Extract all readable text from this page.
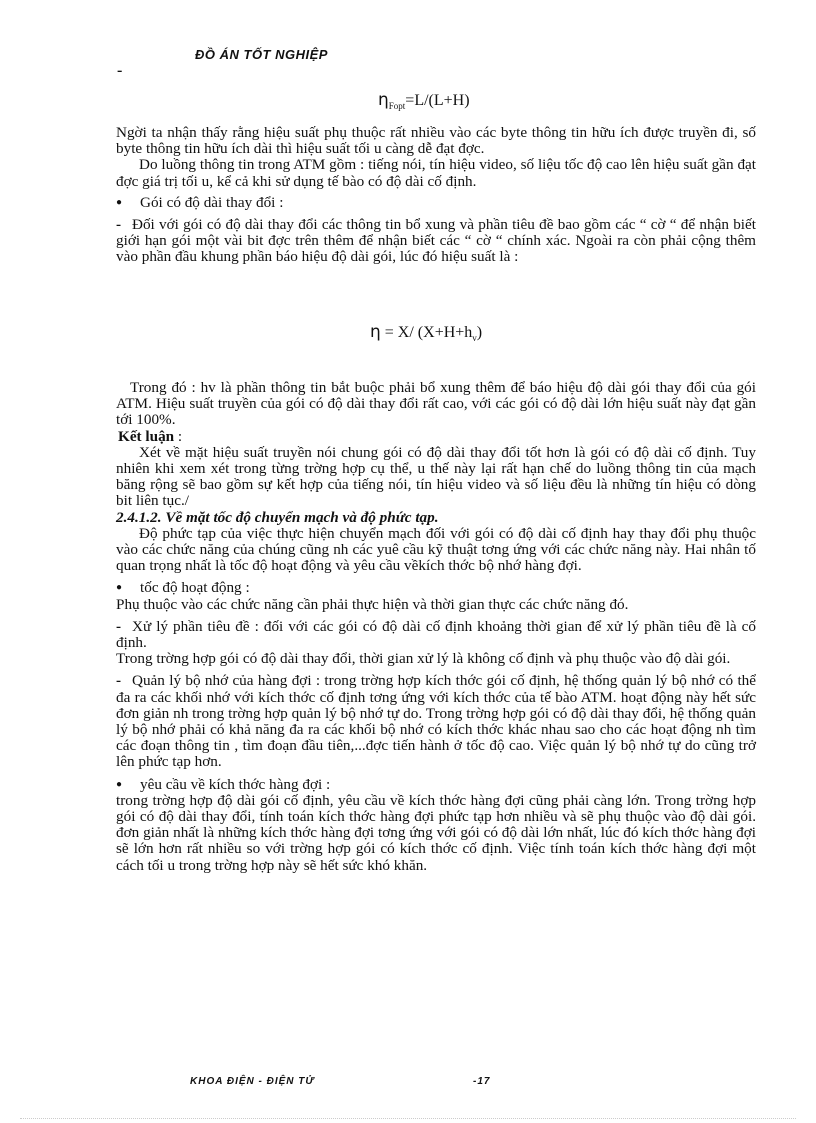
ĐỒ ÁN TỐT NGHIỆP
-
$\eta_{Fopt}=L/(L+H)$

Ngời ta nhận thấy rằng hiệu suất phụ thuộc rất nhiều vào các byte thông tin hữu ích được truyền đi, số byte thông tin hữu ích dài thì hiệu suất tối u càng dễ đạt đợc.

Do luồng thông tin trong ATM gồm : tiếng nói, tín hiệu video, số liệu tốc độ cao lên hiệu suất gần đạt đợc giá trị tối u, kể cả khi sử dụng tế bào có độ dài cố định.

● Gói có độ dài thay đổi :

- Đối với gói có độ dài thay đổi các thông tin bổ xung và phần tiêu đề bao gồm các “ cờ “ để nhận biết giới hạn gói một vài bit đợc trên thêm để nhận biết các “ cờ “ chính xác. Ngoài ra còn phải cộng thêm vào phần đầu khung phần báo hiệu độ dài gói, lúc đó hiệu suất là :

η = X/ $(X+H+h_v)$

Trong đó : hv là phần thông tin bắt buộc phải bổ xung thêm để báo hiệu độ dài gói thay đổi của gói ATM. Hiệu suất truyền của gói có độ dài thay đổi rất cao, với các gói có độ dài lớn hiệu suất này đạt gần tới 100%.

Kết luận :

Xét về mặt hiệu suất truyền nói chung gói có độ dài thay đổi tốt hơn là gói có độ dài cố định. Tuy nhiên khi xem xét trong từng trờng hợp cụ thể, u thế này lại rất hạn chế do luồng thông tin của mạch băng rộng sẽ bao gồm sự kết hợp của tiếng nói, tín hiệu video và số liệu đều là những tín hiệu có dòng bit liên tục./

2.4.1.2. Về mặt tốc độ chuyển mạch và độ phức tạp.

Độ phức tạp của việc thực hiện chuyển mạch đối với gói có độ dài cố định hay thay đổi phụ thuộc vào các chức năng của chúng cũng nh các yuê cầu kỹ thuật tơng ứng với các chức năng này. Hai nhân tố quan trọng nhất là tốc độ hoạt động và yêu cầu vềkích thớc bộ nhớ hàng đợi.

● tốc độ hoạt động :

Phụ thuộc vào các chức năng cần phải thực hiện và thời gian thực các chức năng đó.

- Xử lý phần tiêu đề : đối với các gói có độ dài cố định khoảng thời gian để xử lý phần tiêu đề là cố định.

Trong trờng hợp gói có độ dài thay đổi, thời gian xử lý là không cố định và phụ thuộc vào độ dài gói.

- Quản lý bộ nhớ của hàng đợi : trong trờng hợp kích thớc gói cố định, hệ thống quản lý bộ nhớ có thể đa ra các khối nhớ với kích thớc cố định tơng ứng với kích thớc của tế bào ATM. hoạt động này hết sức đơn giản nh trong trờng hợp quản lý bộ nhớ tự do. Trong trờng hợp gói có độ dài thay đổi, hệ thống quản lý bộ nhớ phải có khả năng đa ra các khối bộ nhớ có kích thớc khác nhau sao cho các hoạt động nh tìm các đoạn thông tin , tìm đoạn đầu tiên,...đợc tiến hành ở tốc độ cao. Việc quản lý bộ nhớ tự do cũng trở lên phức tạp hơn.

● yêu cầu về kích thớc hàng đợi :

trong trờng hợp độ dài gói cố định, yêu cầu về kích thớc hàng đợi cũng phải càng lớn. Trong trờng hợp gói có độ dài thay đổi, tính toán kích thớc hàng đợi phức tạp hơn nhiều và sẽ phụ thuộc vào độ dài gói. đơn giản nhất là những kích thớc hàng đợi tơng ứng với gói có độ dài lớn nhất, lúc đó kích thớc hàng đợi sẽ lớn hơn rất nhiều so với trờng hợp gói có kích thớc cố định. Việc tính toán kích thớc hàng đợi một cách tối u trong trờng hợp này sẽ hết sức khó khăn.

KHOA ĐIỆN - ĐIỆN TỬ	-17
